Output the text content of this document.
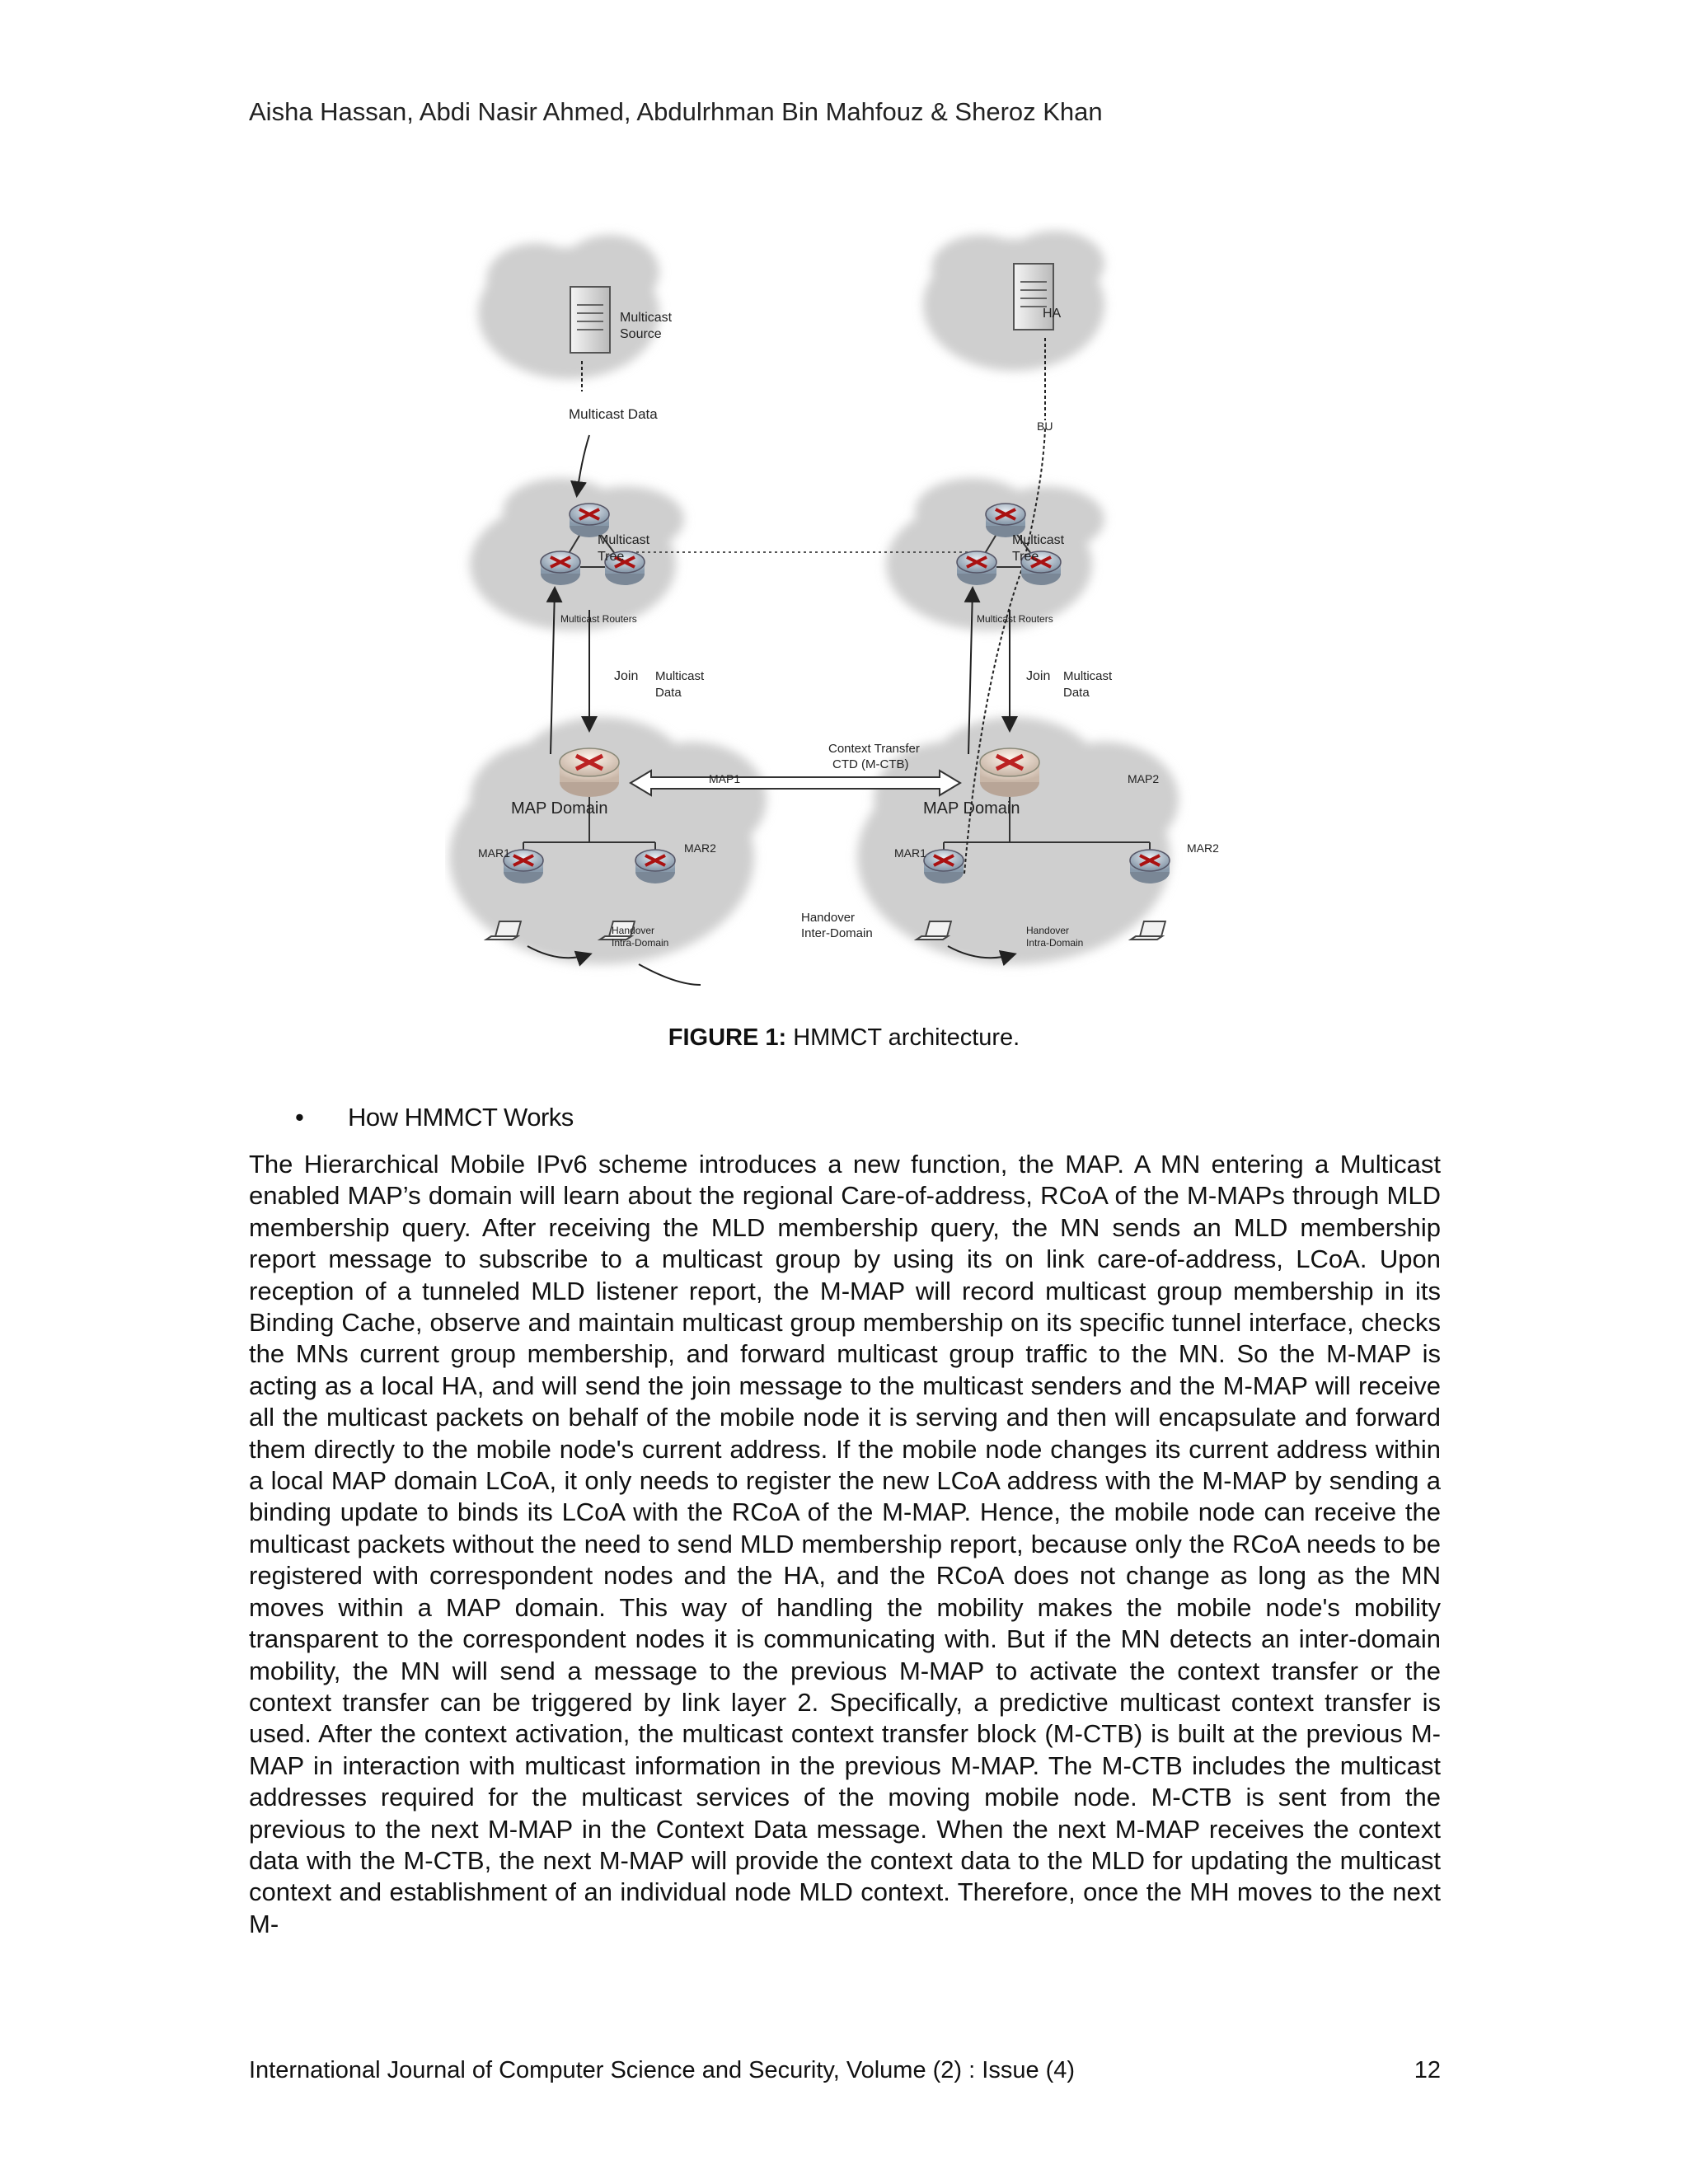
Aisha Hassan, Abdi Nasir Ahmed, Abdulrhman Bin Mahfouz & Sheroz Khan
Multicast
Source
HA
Multicast Data
BU
Multicast
Tree
Multicast
Tree
Multicast Routers	Multicast Routers
Join Multicast
Data
Join Multicast
Data
Context Transfer
CTD (M-CTB)
MAP1	MAP2
MAP Domain	MAP Domain
MAR1	MAR2	MAR1	MAR2
Handover
Intra-Domain
Handover
Inter-Domain	Handover
Intra-Domain
FIGURE 1: HMMCT architecture.
• How HMMCT Works

The Hierarchical Mobile IPv6 scheme introduces a new function, the MAP. A MN entering a Multicast enabled MAP’s domain will learn about the regional Care-of-address, RCoA of the M-MAPs through MLD membership query. After receiving the MLD membership query, the MN sends an MLD membership report message to subscribe to a multicast group by using its on link care-of-address, LCoA. Upon reception of a tunneled MLD listener report, the M-MAP will record multicast group membership in its Binding Cache, observe and maintain multicast group membership on its specific tunnel interface, checks the MNs current group membership, and forward multicast group traffic to the MN. So the M-MAP is acting as a local HA, and will send the join message to the multicast senders and the M-MAP will receive all the multicast packets on behalf of the mobile node it is serving and then will encapsulate and forward them directly to the mobile node's current address. If the mobile node changes its current address within a local MAP domain LCoA, it only needs to register the new LCoA address with the M-MAP by sending a binding update to binds its LCoA with the RCoA of the M-MAP. Hence, the mobile node can receive the multicast packets without the need to send MLD membership report, because only the RCoA needs to be registered with correspondent nodes and the HA, and the RCoA does not change as long as the MN moves within a MAP domain. This way of handling the mobility makes the mobile node's mobility transparent to the correspondent nodes it is communicating with. But if the MN detects an inter-domain mobility, the MN will send a message to the previous M-MAP to activate the context transfer or the context transfer can be triggered by link layer 2. Specifically, a predictive multicast context transfer is used. After the context activation, the multicast context transfer block (M-CTB) is built at the previous M-MAP in interaction with multicast information in the previous M-MAP. The M-CTB includes the multicast addresses required for the multicast services of the moving mobile node. M-CTB is sent from the previous to the next M-MAP in the Context Data message. When the next M-MAP receives the context data with the M-CTB, the next M-MAP will provide the context data to the MLD for updating the multicast context and establishment of an individual node MLD context. Therefore, once the MH moves to the next M-

International Journal of Computer Science and Security, Volume (2) : Issue (4)	12
